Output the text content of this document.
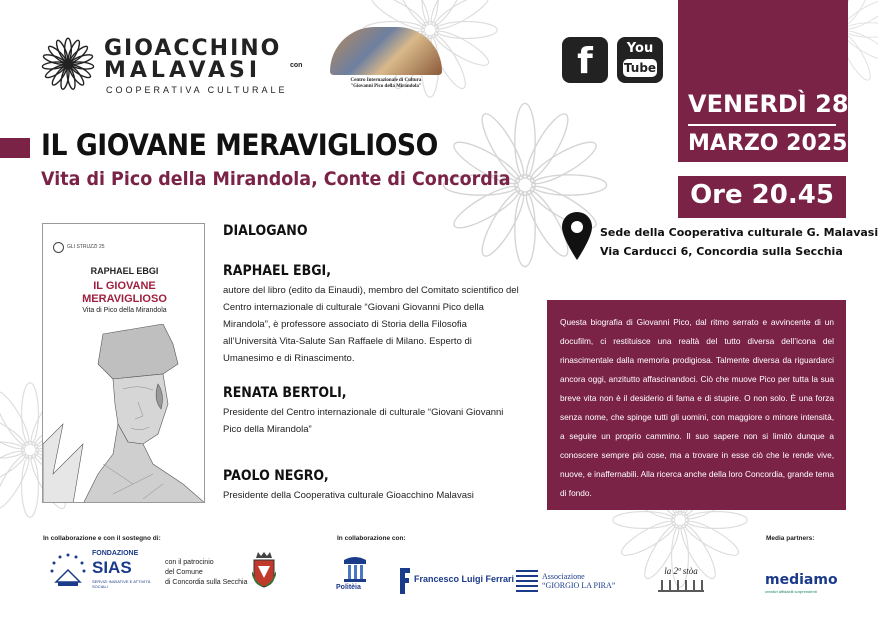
GIOACCHINO
MALAVASI
COOPERATIVA CULTURALE
con
Centro Internazionale di Cultura
"Giovanni Pico della Mirandola"
f	You
Tube
VENERDÌ 28
MARZO 2025
Ore 20.45
IL GIOVANE MERAVIGLIOSO
Vita di Pico della Mirandola, Conte di Concordia
GLI STRUZZI 25
RAPHAEL EBGI
IL GIOVANE
MERAVIGLIOSO
Vita di Pico della Mirandola
DIALOGANO
RAPHAEL EBGI,
autore del libro (edito da Einaudi), membro del Comitato scientifico del Centro internazionale di culturale “Giovani Giovanni Pico della Mirandola”, è professore associato di Storia della Filosofia all’Università Vita-Salute San Raffaele di Milano. Esperto di Umanesimo e di Rinascimento.
RENATA BERTOLI,
Presidente del Centro internazionale di culturale “Giovani Giovanni Pico della Mirandola”
PAOLO NEGRO,
Presidente della Cooperativa culturale Gioacchino Malavasi
Sede della Cooperativa culturale G. Malavasi
Via Carducci 6, Concordia sulla Secchia
Questa biografia di Giovanni Pico, dal ritmo serrato e avvincente di un docufilm, ci restituisce una realtà del tutto diversa dell’icona del rinascimentale dalla memoria prodigiosa. Talmente diversa da riguardarci ancora oggi, anzitutto affascinandoci. Ciò che muove Pico per tutta la sua breve vita non è il desiderio di fama e di stupire. O non solo. È una forza senza nome, che spinge tutti gli uomini, con maggiore o minore intensità, a seguire un proprio cammino. Il suo sapere non si limitò dunque a conoscere sempre più cose, ma a trovare in esse ciò che le rende vive, nuove, e inaffernabili. Alla ricerca anche della loro Concordia, grande tema di fondo.
In collaborazione e con il sostegno di:	In collaborazione con:	Media partners:
FONDAZIONE
SIAS
SERVIZI INIZIATIVE E ATTIVITÀ SOCIALI
con il patrocinio
del Comune
di Concordia sulla Secchia
Politèia
Francesco Luigi Ferrari	Associazione
“GIORGIO LA PIRA”
la 2ª stòa
mediamo
creativi affidabili sorprendenti
